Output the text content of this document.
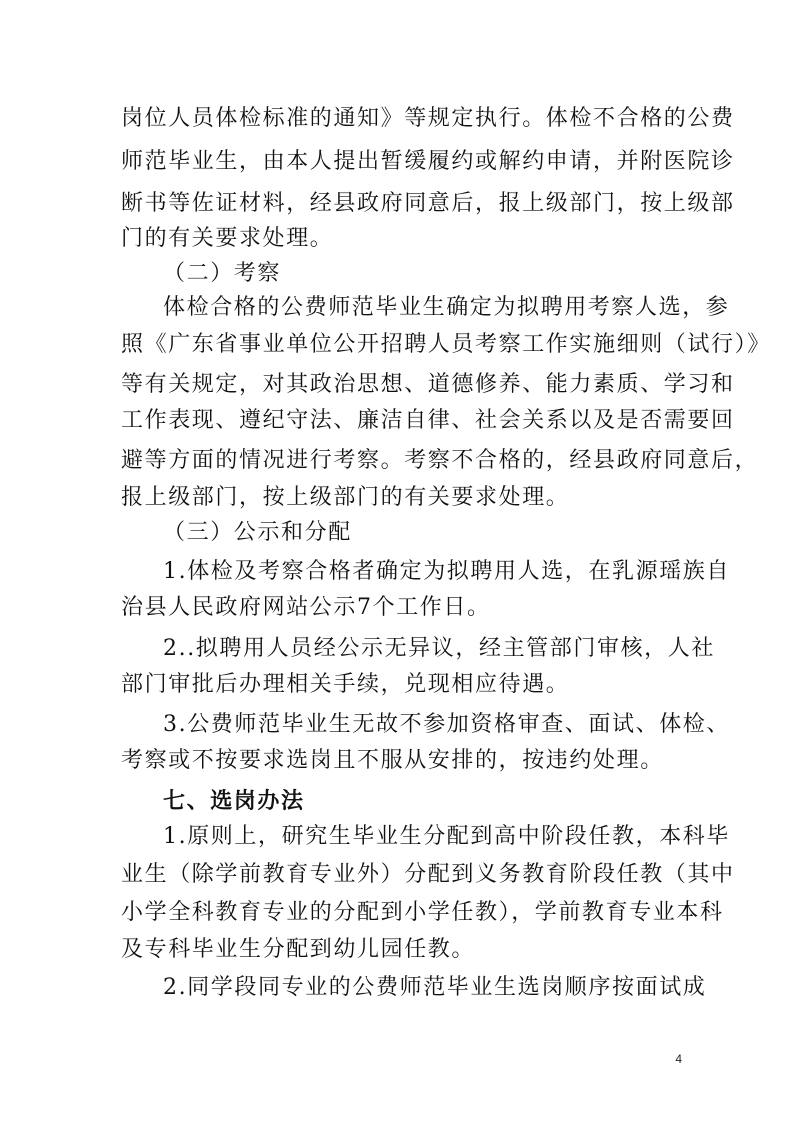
岗位人员体检标准的通知》等规定执行。体检不合格的公费
师范毕业生，由本人提出暂缓履约或解约申请，并附医院诊
断书等佐证材料，经县政府同意后，报上级部门，按上级部
门的有关要求处理。
（二）考察
体检合格的公费师范毕业生确定为拟聘用考察人选，参
照《广东省事业单位公开招聘人员考察工作实施细则（试行）》
等有关规定，对其政治思想、道德修养、能力素质、学习和
工作表现、遵纪守法、廉洁自律、社会关系以及是否需要回
避等方面的情况进行考察。考察不合格的，经县政府同意后，
报上级部门，按上级部门的有关要求处理。
（三）公示和分配
1.体检及考察合格者确定为拟聘用人选，在乳源瑶族自
治县人民政府网站公示7个工作日。
2..拟聘用人员经公示无异议，经主管部门审核，人社
部门审批后办理相关手续，兑现相应待遇。
3.公费师范毕业生无故不参加资格审查、面试、体检、
考察或不按要求选岗且不服从安排的，按违约处理。
七、选岗办法
1.原则上，研究生毕业生分配到高中阶段任教，本科毕
业生（除学前教育专业外）分配到义务教育阶段任教（其中
小学全科教育专业的分配到小学任教），学前教育专业本科
及专科毕业生分配到幼儿园任教。
2.同学段同专业的公费师范毕业生选岗顺序按面试成
4
